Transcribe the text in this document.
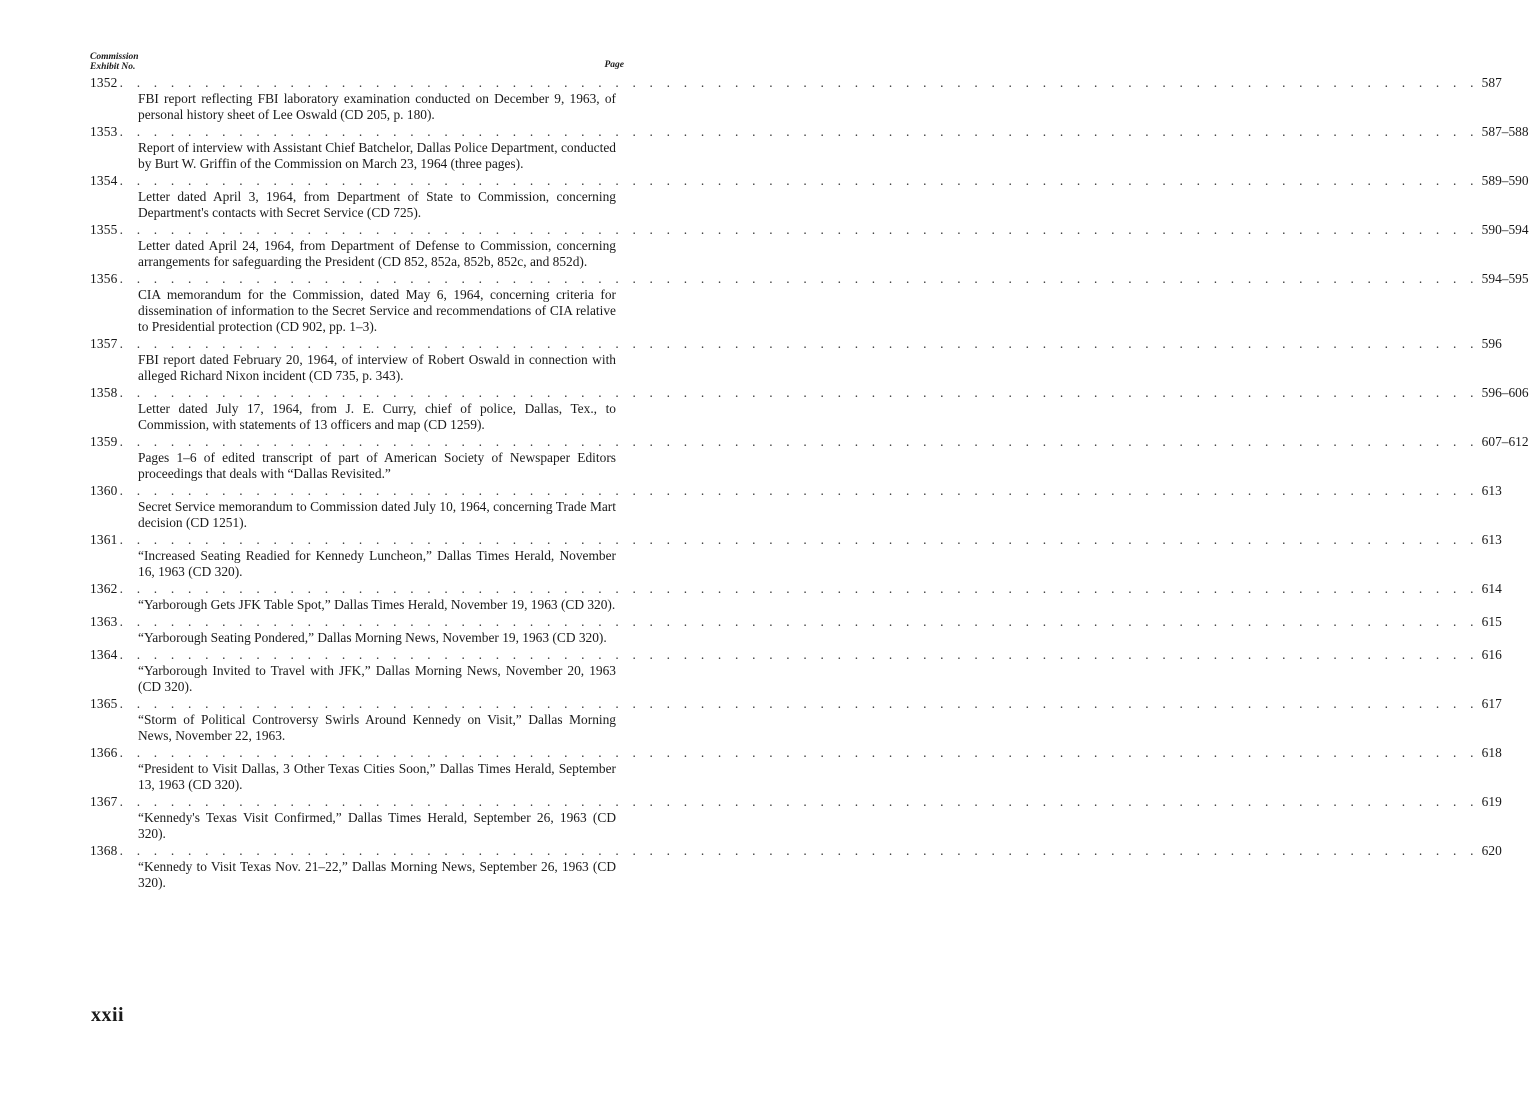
Commission
Exhibit No.	Page
1352 . . . . . . . . . . . . . . . . . . . . . . . . . . . . . . . . . . . . . . . . . . . . . . . . . . . . . . . . . . . . . . . . . . . . . . . . . . . . . . . . 587

FBI report reflecting FBI laboratory examination conducted on December 9, 1963, of personal history sheet of Lee Oswald (CD 205, p. 180).

1353 . . . . . . . . . . . . . . . . . . . . . . . . . . . . . . . . . . . . . . . . . . . . . . . . . . . . . . . . . . . . . . . . . . . . . . . . . . . . . . . . 587–588

Report of interview with Assistant Chief Batchelor, Dallas Police Department, conducted by Burt W. Griffin of the Commission on March 23, 1964 (three pages).

1354 . . . . . . . . . . . . . . . . . . . . . . . . . . . . . . . . . . . . . . . . . . . . . . . . . . . . . . . . . . . . . . . . . . . . . . . . . . . . . . . . 589–590

Letter dated April 3, 1964, from Department of State to Commission, concerning Department's contacts with Secret Service (CD 725).

1355 . . . . . . . . . . . . . . . . . . . . . . . . . . . . . . . . . . . . . . . . . . . . . . . . . . . . . . . . . . . . . . . . . . . . . . . . . . . . . . . . 590–594

Letter dated April 24, 1964, from Department of Defense to Commission, concerning arrangements for safeguarding the President (CD 852, 852a, 852b, 852c, and 852d).

1356 . . . . . . . . . . . . . . . . . . . . . . . . . . . . . . . . . . . . . . . . . . . . . . . . . . . . . . . . . . . . . . . . . . . . . . . . . . . . . . . . 594–595

CIA memorandum for the Commission, dated May 6, 1964, concerning criteria for dissemination of information to the Secret Service and recommendations of CIA relative to Presidential protection (CD 902, pp. 1–3).

1357 . . . . . . . . . . . . . . . . . . . . . . . . . . . . . . . . . . . . . . . . . . . . . . . . . . . . . . . . . . . . . . . . . . . . . . . . . . . . . . . . 596

FBI report dated February 20, 1964, of interview of Robert Oswald in connection with alleged Richard Nixon incident (CD 735, p. 343).

1358 . . . . . . . . . . . . . . . . . . . . . . . . . . . . . . . . . . . . . . . . . . . . . . . . . . . . . . . . . . . . . . . . . . . . . . . . . . . . . . . . 596–606

Letter dated July 17, 1964, from J. E. Curry, chief of police, Dallas, Tex., to Commission, with statements of 13 officers and map (CD 1259).

1359 . . . . . . . . . . . . . . . . . . . . . . . . . . . . . . . . . . . . . . . . . . . . . . . . . . . . . . . . . . . . . . . . . . . . . . . . . . . . . . . . 607–612

Pages 1–6 of edited transcript of part of American Society of Newspaper Editors proceedings that deals with “Dallas Revisited.”

1360 . . . . . . . . . . . . . . . . . . . . . . . . . . . . . . . . . . . . . . . . . . . . . . . . . . . . . . . . . . . . . . . . . . . . . . . . . . . . . . . . 613

Secret Service memorandum to Commission dated July 10, 1964, concerning Trade Mart decision (CD 1251).

1361 . . . . . . . . . . . . . . . . . . . . . . . . . . . . . . . . . . . . . . . . . . . . . . . . . . . . . . . . . . . . . . . . . . . . . . . . . . . . . . . . 613

“Increased Seating Readied for Kennedy Luncheon,” Dallas Times Herald, November 16, 1963 (CD 320).

1362 . . . . . . . . . . . . . . . . . . . . . . . . . . . . . . . . . . . . . . . . . . . . . . . . . . . . . . . . . . . . . . . . . . . . . . . . . . . . . . . . 614

“Yarborough Gets JFK Table Spot,” Dallas Times Herald, November 19, 1963 (CD 320).

1363 . . . . . . . . . . . . . . . . . . . . . . . . . . . . . . . . . . . . . . . . . . . . . . . . . . . . . . . . . . . . . . . . . . . . . . . . . . . . . . . . 615

“Yarborough Seating Pondered,” Dallas Morning News, November 19, 1963 (CD 320).

1364 . . . . . . . . . . . . . . . . . . . . . . . . . . . . . . . . . . . . . . . . . . . . . . . . . . . . . . . . . . . . . . . . . . . . . . . . . . . . . . . . 616

“Yarborough Invited to Travel with JFK,” Dallas Morning News, November 20, 1963 (CD 320).

1365 . . . . . . . . . . . . . . . . . . . . . . . . . . . . . . . . . . . . . . . . . . . . . . . . . . . . . . . . . . . . . . . . . . . . . . . . . . . . . . . . 617

“Storm of Political Controversy Swirls Around Kennedy on Visit,” Dallas Morning News, November 22, 1963.

1366 . . . . . . . . . . . . . . . . . . . . . . . . . . . . . . . . . . . . . . . . . . . . . . . . . . . . . . . . . . . . . . . . . . . . . . . . . . . . . . . . 618

“President to Visit Dallas, 3 Other Texas Cities Soon,” Dallas Times Herald, September 13, 1963 (CD 320).

1367 . . . . . . . . . . . . . . . . . . . . . . . . . . . . . . . . . . . . . . . . . . . . . . . . . . . . . . . . . . . . . . . . . . . . . . . . . . . . . . . . 619

“Kennedy's Texas Visit Confirmed,” Dallas Times Herald, September 26, 1963 (CD 320).

1368 . . . . . . . . . . . . . . . . . . . . . . . . . . . . . . . . . . . . . . . . . . . . . . . . . . . . . . . . . . . . . . . . . . . . . . . . . . . . . . . . 620

“Kennedy to Visit Texas Nov. 21–22,” Dallas Morning News, September 26, 1963 (CD 320).

xxii
